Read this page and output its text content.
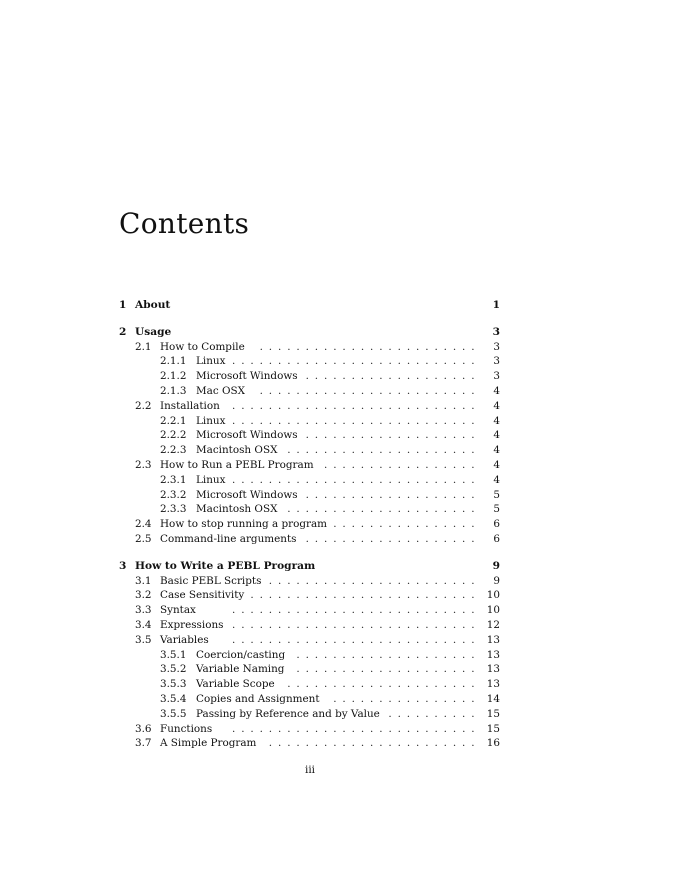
Contents
1 About	1
2 Usage	3
2.1 How to Compile	3
........................
2.1.1 Linux	3
...........................
2.1.2 Microsoft Windows	3
...................
2.1.3 Mac OSX	4
........................
2.2 Installation	4
...........................
2.2.1 Linux	4
...........................
2.2.2 Microsoft Windows	4
...................
2.2.3 Macintosh OSX	4
.....................
2.3 How to Run a PEBL Program	4
.................
2.3.1 Linux	4
...........................
2.3.2 Microsoft Windows	5
...................
2.3.3 Macintosh OSX	5
.....................
2.4 How to stop running a program	6
................
2.5 Command-line arguments	6
...................
3 How to Write a PEBL Program	9
3.1 Basic PEBL Scripts	9
.......................
3.2 Case Sensitivity	10
.........................
3.3 Syntax	10
...........................
3.4 Expressions	12
...........................
3.5 Variables	13
...........................
3.5.1 Coercion/casting	13
....................
3.5.2 Variable Naming	13
....................
3.5.3 Variable Scope	13
.....................
3.5.4 Copies and Assignment	14
................
3.5.5 Passing by Reference and by Value	15
..........
3.6 Functions	15
...........................
3.7 A Simple Program	16
.......................
iii
